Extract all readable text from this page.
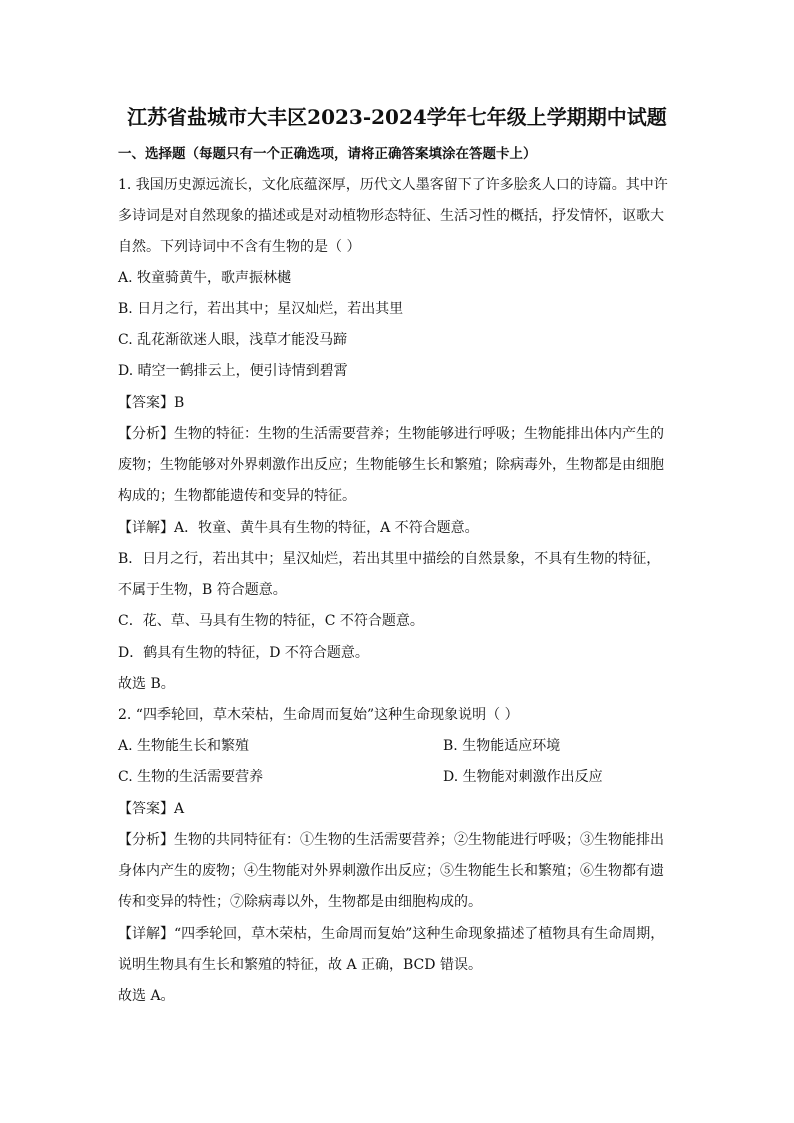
江苏省盐城市大丰区2023-2024学年七年级上学期期中试题
一、选择题（每题只有一个正确选项，请将正确答案填涂在答题卡上）
1. 我国历史源远流长，文化底蕴深厚，历代文人墨客留下了许多脍炙人口的诗篇。其中许
多诗词是对自然现象的描述或是对动植物形态特征、生活习性的概括，抒发情怀，讴歌大
自然。下列诗词中不含有生物的是（ ）
A. 牧童骑黄牛，歌声振林樾
B. 日月之行，若出其中；星汉灿烂，若出其里
C. 乱花渐欲迷人眼，浅草才能没马蹄
D. 晴空一鹤排云上，便引诗情到碧霄
【答案】B
【分析】生物的特征：生物的生活需要营养；生物能够进行呼吸；生物能排出体内产生的
废物；生物能够对外界刺激作出反应；生物能够生长和繁殖；除病毒外，生物都是由细胞
构成的；生物都能遗传和变异的特征。
【详解】A．牧童、黄牛具有生物的特征，A 不符合题意。
B．日月之行，若出其中；星汉灿烂，若出其里中描绘的自然景象，不具有生物的特征，
不属于生物，B 符合题意。
C．花、草、马具有生物的特征，C 不符合题意。
D．鹤具有生物的特征，D 不符合题意。
故选 B。
2. “四季轮回，草木荣枯，生命周而复始”这种生命现象说明（ ）
A. 生物能生长和繁殖	B. 生物能适应环境
C. 生物的生活需要营养	D. 生物能对刺激作出反应
【答案】A
【分析】生物的共同特征有：①生物的生活需要营养；②生物能进行呼吸；③生物能排出
身体内产生的废物；④生物能对外界刺激作出反应；⑤生物能生长和繁殖；⑥生物都有遗
传和变异的特性；⑦除病毒以外，生物都是由细胞构成的。
【详解】“四季轮回，草木荣枯，生命周而复始”这种生命现象描述了植物具有生命周期，
说明生物具有生长和繁殖的特征，故 A 正确，BCD 错误。
故选 A。
